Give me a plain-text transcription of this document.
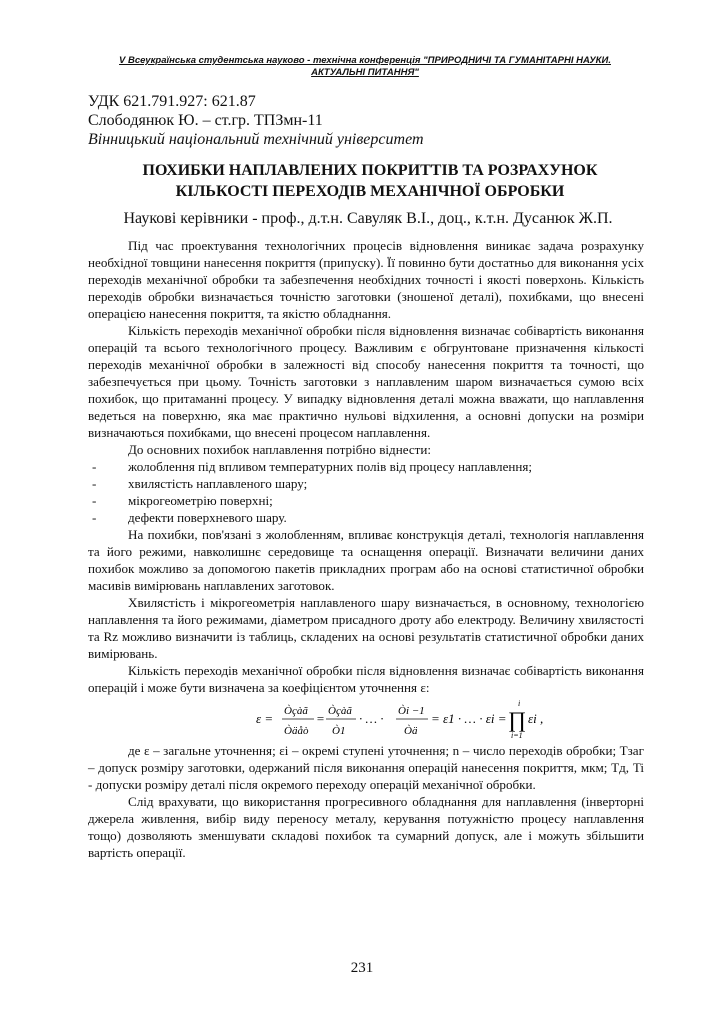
V Всеукраїнська студентська науково - технічна конференція "ПРИРОДНИЧІ ТА ГУМАНІТАРНІ НАУКИ.
АКТУАЛЬНІ ПИТАННЯ"
УДК 621.791.927: 621.87
Слободянюк Ю. – ст.гр. ТПЗмн-11
Вінницький національний технічний університет
ПОХИБКИ НАПЛАВЛЕНИХ ПОКРИТТІВ ТА РОЗРАХУНОК
КІЛЬКОСТІ ПЕРЕХОДІВ МЕХАНІЧНОЇ ОБРОБКИ
Наукові керівники - проф., д.т.н. Савуляк В.І., доц., к.т.н. Дусанюк Ж.П.

Під час проектування технологічних процесів відновлення виникає задача розрахунку необхідної товщини нанесення покриття (припуску). Її повинно бути достатньо для виконання усіх переходів механічної обробки та забезпечення необхідних точності і якості поверхонь. Кількість переходів обробки визначається точністю заготовки (зношеної деталі), похибками, що внесені операцією нанесення покриття, та якістю обладнання.

Кількість переходів механічної обробки після відновлення визначає собівартість виконання операцій та всього технологічного процесу. Важливим є обгрунтоване призначення кількості переходів механічної обробки в залежності від способу нанесення покриття та точності, що забезпечується при цьому. Точність заготовки з наплавленим шаром визначається сумою всіх похибок, що притаманні процесу. У випадку відновлення деталі можна вважати, що наплавлення ведеться на поверхню, яка має практично нульові відхилення, а основні допуски на розміри визначаються похибками, що внесені процесом наплавлення.

До основних похибок наплавлення потрібно віднести:

- жолоблення під впливом температурних полів від процесу наплавлення;
- хвилястість наплавленого шару;
- мікрогеометрію поверхні;
- дефекти поверхневого шару.

На похибки, пов'язані з жолобленням, впливає конструкція деталі, технологія наплавлення та його режими, навколишнє середовище та оснащення операції. Визначати величини даних похибок можливо за допомогою пакетів прикладних програм або на основі статистичної обробки масивів вимірювань наплавлених заготовок.

Хвилястість і мікрогеометрія наплавленого шару визначається, в основному, технологією наплавлення та його режимами, діаметром присадного дроту або електроду. Величину хвилястості та Rz можливо визначити із таблиць, складених на основі результатів статистичної обробки даних вимірювань.

Кількість переходів механічної обробки після відновлення визначає собівартість виконання операцій і може бути визначена за коефіцієнтом уточнення ε:

ε = Òçàã
Òäåò
= Òçàã
Ò1
· … · Òi −1
Òä
= ε1 · … · εi =
i
∏
i=1
εi ,

де ε – загальне уточнення; εi – окремі ступені уточнення; n – число переходів обробки; Tзаг – допуск розміру заготовки, одержаний після виконання операцій нанесення покриття, мкм; Tд, Ti - допуски розміру деталі після окремого переходу операцій механічної обробки.

Слід врахувати, що використання прогресивного обладнання для наплавлення (інверторні джерела живлення, вибір виду переносу металу, керування потужністю процесу наплавлення тощо) дозволяють зменшувати складові похибок та сумарний допуск, але і можуть збільшити вартість операції.

231
